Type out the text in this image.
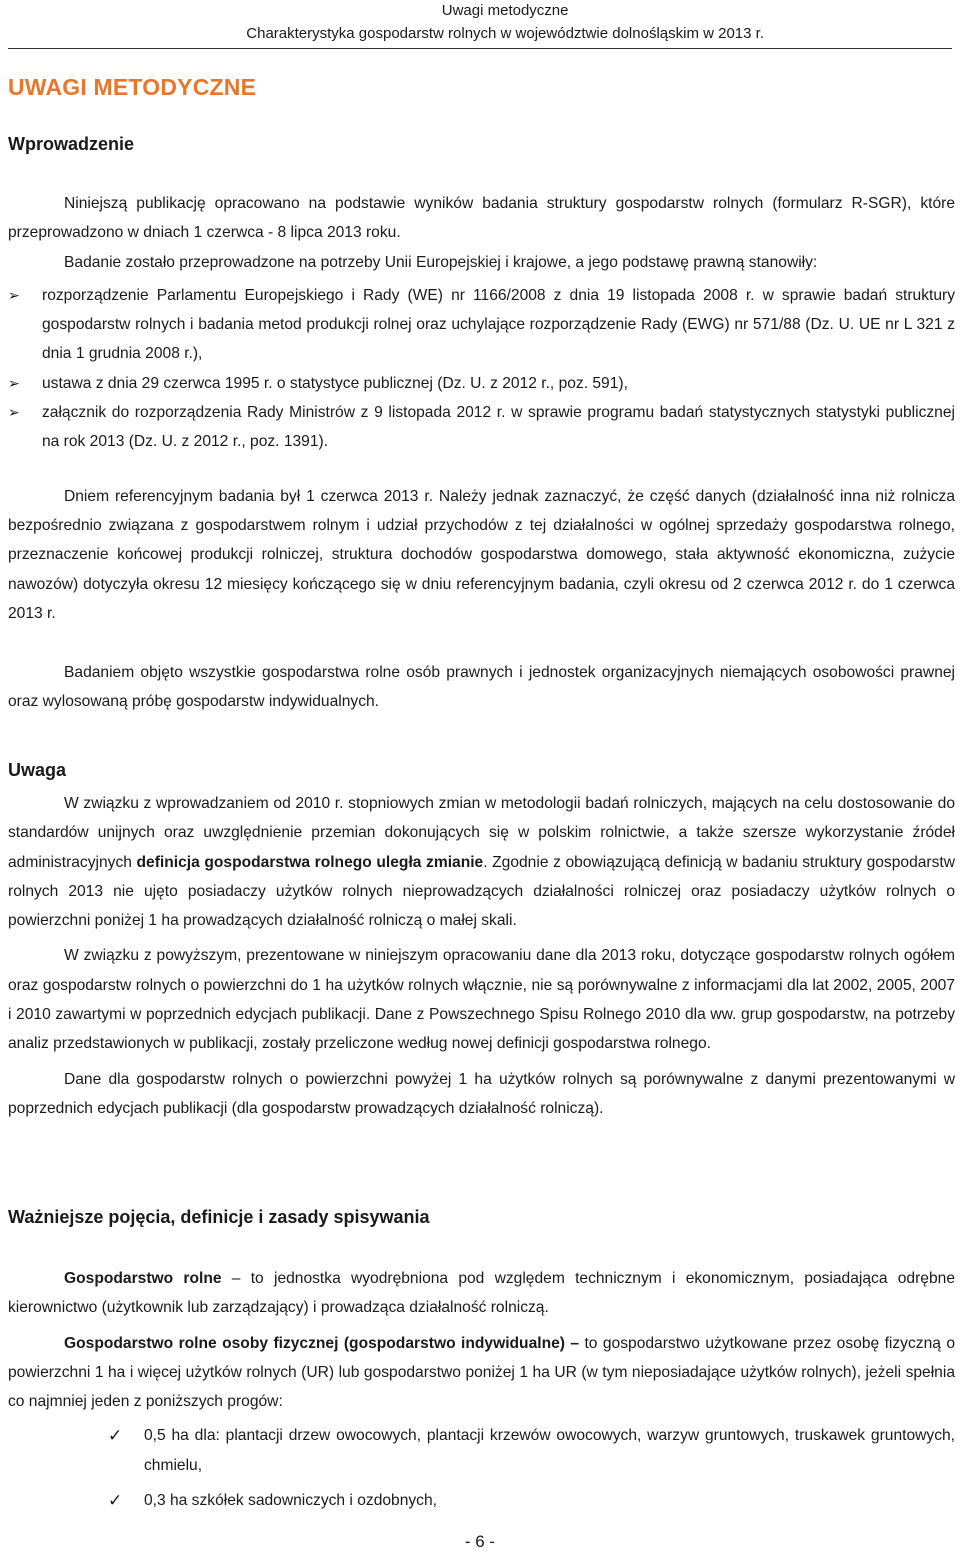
Uwagi metodyczne
Charakterystyka gospodarstw rolnych w województwie dolnośląskim w 2013 r.
UWAGI METODYCZNE
Wprowadzenie

Niniejszą publikację opracowano na podstawie wyników badania struktury gospodarstw rolnych (formularz R-SGR), które przeprowadzono w dniach 1 czerwca - 8 lipca 2013 roku.

Badanie zostało przeprowadzone na potrzeby Unii Europejskiej i krajowe, a jego podstawę prawną stanowiły:

➢ rozporządzenie Parlamentu Europejskiego i Rady (WE) nr 1166/2008 z dnia 19 listopada 2008 r. w sprawie badań struktury gospodarstw rolnych i badania metod produkcji rolnej oraz uchylające rozporządzenie Rady (EWG) nr 571/88 (Dz. U. UE nr L 321 z dnia 1 grudnia 2008 r.),
➢ ustawa z dnia 29 czerwca 1995 r. o statystyce publicznej (Dz. U. z 2012 r., poz. 591),
➢ załącznik do rozporządzenia Rady Ministrów z 9 listopada 2012 r. w sprawie programu badań statystycznych statystyki publicznej na rok 2013 (Dz. U. z 2012 r., poz. 1391).

Dniem referencyjnym badania był 1 czerwca 2013 r. Należy jednak zaznaczyć, że część danych (działalność inna niż rolnicza bezpośrednio związana z gospodarstwem rolnym i udział przychodów z tej działalności w ogólnej sprzedaży gospodarstwa rolnego, przeznaczenie końcowej produkcji rolniczej, struktura dochodów gospodarstwa domowego, stała aktywność ekonomiczna, zużycie nawozów) dotyczyła okresu 12 miesięcy kończącego się w dniu referencyjnym badania, czyli okresu od 2 czerwca 2012 r. do 1 czerwca 2013 r.

Badaniem objęto wszystkie gospodarstwa rolne osób prawnych i jednostek organizacyjnych niemających osobowości prawnej oraz wylosowaną próbę gospodarstw indywidualnych.

Uwaga

W związku z wprowadzaniem od 2010 r. stopniowych zmian w metodologii badań rolniczych, mających na celu dostosowanie do standardów unijnych oraz uwzględnienie przemian dokonujących się w polskim rolnictwie, a także szersze wykorzystanie źródeł administracyjnych definicja gospodarstwa rolnego uległa zmianie. Zgodnie z obowiązującą definicją w badaniu struktury gospodarstw rolnych 2013 nie ujęto posiadaczy użytków rolnych nieprowadzących działalności rolniczej oraz posiadaczy użytków rolnych o powierzchni poniżej 1 ha prowadzących działalność rolniczą o małej skali.

W związku z powyższym, prezentowane w niniejszym opracowaniu dane dla 2013 roku, dotyczące gospodarstw rolnych ogółem oraz gospodarstw rolnych o powierzchni do 1 ha użytków rolnych włącznie, nie są porównywalne z informacjami dla lat 2002, 2005, 2007 i 2010 zawartymi w poprzednich edycjach publikacji. Dane z Powszechnego Spisu Rolnego 2010 dla ww. grup gospodarstw, na potrzeby analiz przedstawionych w publikacji, zostały przeliczone według nowej definicji gospodarstwa rolnego.

Dane dla gospodarstw rolnych o powierzchni powyżej 1 ha użytków rolnych są porównywalne z danymi prezentowanymi w poprzednich edycjach publikacji (dla gospodarstw prowadzących działalność rolniczą).

Ważniejsze pojęcia, definicje i zasady spisywania

Gospodarstwo rolne – to jednostka wyodrębniona pod względem technicznym i ekonomicznym, posiadająca odrębne kierownictwo (użytkownik lub zarządzający) i prowadząca działalność rolniczą.

Gospodarstwo rolne osoby fizycznej (gospodarstwo indywidualne) – to gospodarstwo użytkowane przez osobę fizyczną o powierzchni 1 ha i więcej użytków rolnych (UR) lub gospodarstwo poniżej 1 ha UR (w tym nieposiadające użytków rolnych), jeżeli spełnia co najmniej jeden z poniższych progów:

✓ 0,5 ha dla: plantacji drzew owocowych, plantacji krzewów owocowych, warzyw gruntowych, truskawek gruntowych, chmielu,
✓ 0,3 ha szkółek sadowniczych i ozdobnych,
- 6 -
